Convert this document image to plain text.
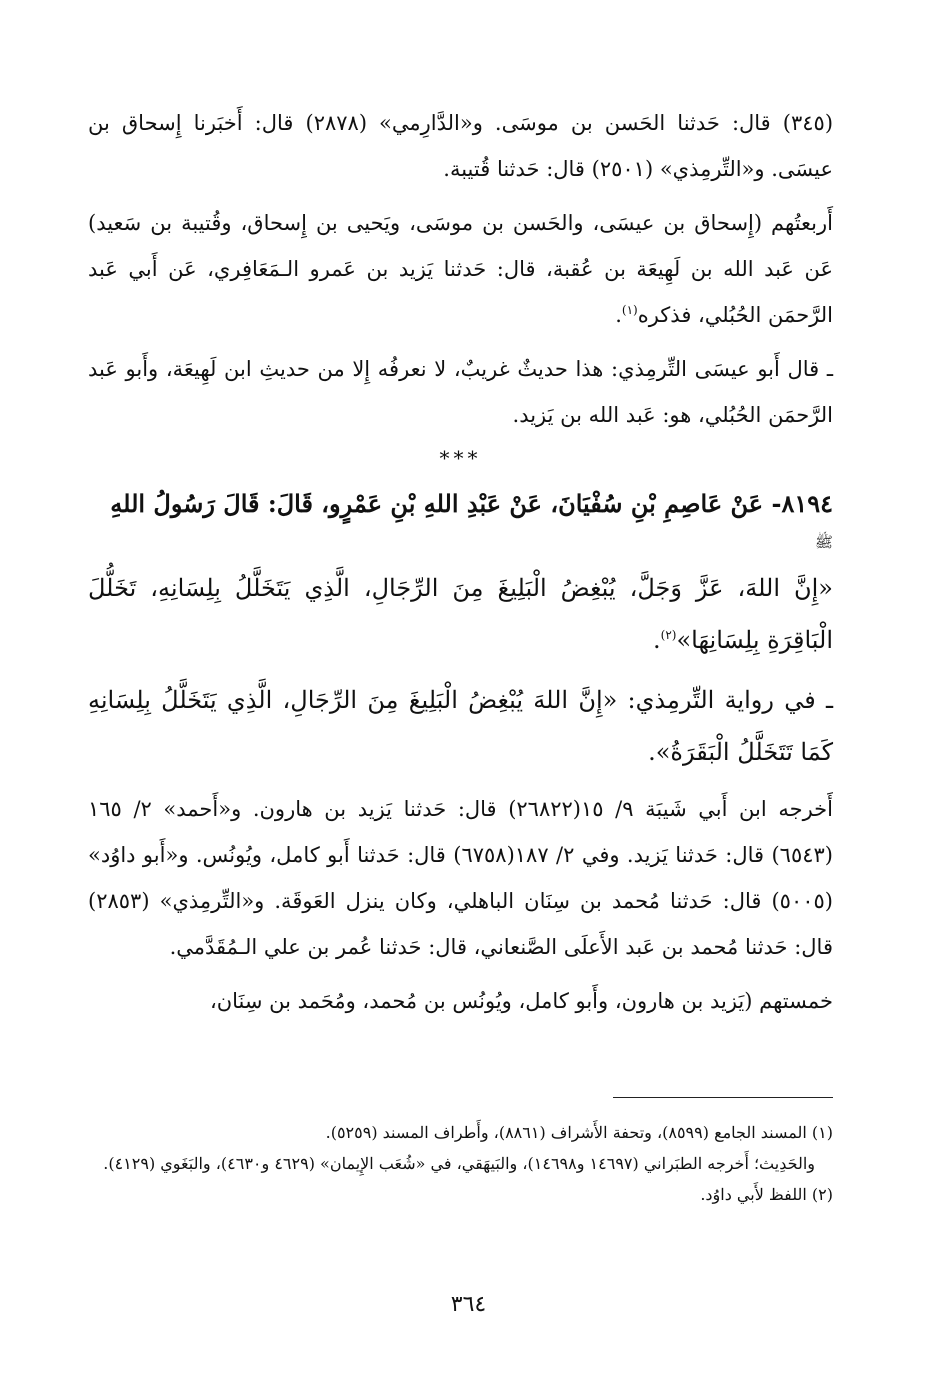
(٣٤٥) قال: حَدثنا الحَسن بن موسَى. و«الدَّارِمي» (٢٨٧٨) قال: أَخبَرنا إِسحاق بن عيسَى. و«التِّرمِذي» (٢٥٠١) قال: حَدثنا قُتيبة.

أَربعتُهم (إِسحاق بن عيسَى، والحَسن بن موسَى، ويَحيى بن إِسحاق، وقُتيبة بن سَعيد) عَن عَبد الله بن لَهِيعَة بن عُقبة، قال: حَدثنا يَزيد بن عَمرو الـمَعَافِري، عَن أَبي عَبد الرَّحمَن الحُبُلي، فذكره$^{(١)}$.

ـ قال أَبو عيسَى التِّرمِذي: هذا حديثٌ غريبٌ، لا نعرفُه إِلا من حديثِ ابن لَهِيعَة، وأَبو عَبد الرَّحمَن الحُبُلي، هو: عَبد الله بن يَزيد.

***

٨١٩٤- عَنْ عَاصِمِ بْنِ سُفْيَانَ، عَنْ عَبْدِ اللهِ بْنِ عَمْرٍو، قَالَ: قَالَ رَسُولُ اللهِ

ﷺ

«إِنَّ اللهَ، عَزَّ وَجَلَّ، يُبْغِضُ الْبَلِيغَ مِنَ الرِّجَالِ، الَّذِي يَتَخَلَّلُ بِلِسَانِهِ، تَخَلُّلَ الْبَاقِرَةِ بِلِسَانِهَا»$^{(٢)}$.

ـ في رواية التِّرمِذي: «إِنَّ اللهَ يُبْغِضُ الْبَلِيغَ مِنَ الرِّجَالِ، الَّذِي يَتَخَلَّلُ بِلِسَانِهِ كَمَا تَتَخَلَّلُ الْبَقَرَةُ».

أَخرجه ابن أَبي شَيبَة ٩/ ١٥(٢٦٨٢٢) قال: حَدثنا يَزيد بن هارون. و«أَحمد» ٢/ ١٦٥ (٦٥٤٣) قال: حَدثنا يَزيد. وفي ٢/ ١٨٧(٦٧٥٨) قال: حَدثنا أَبو كامل، ويُونُس. و«أَبو داوُد» (٥٠٠٥) قال: حَدثنا مُحمد بن سِنَان الباهلي، وكان ينزل العَوقَة. و«التِّرمِذي» (٢٨٥٣) قال: حَدثنا مُحمد بن عَبد الأَعلَى الصَّنعاني، قال: حَدثنا عُمر بن علي الـمُقَدَّمي.

خمستهم (يَزيد بن هارون، وأَبو كامل، ويُونُس بن مُحمد، ومُحَمد بن سِنَان،

(١) المسند الجامع (٨٥٩٩)، وتحفة الأَشراف (٨٨٦١)، وأَطراف المسند (٥٢٥٩).

والحَدِيث؛ أَخرجه الطبَراني (١٤٦٩٧ و١٤٦٩٨)، والبَيهَقي، في «شُعَب الإِيمان» (٤٦٢٩ و٤٦٣٠)، والبَغَوي (٤١٢٩).

(٢) اللفظ لأَبي داوُد.

٣٦٤
